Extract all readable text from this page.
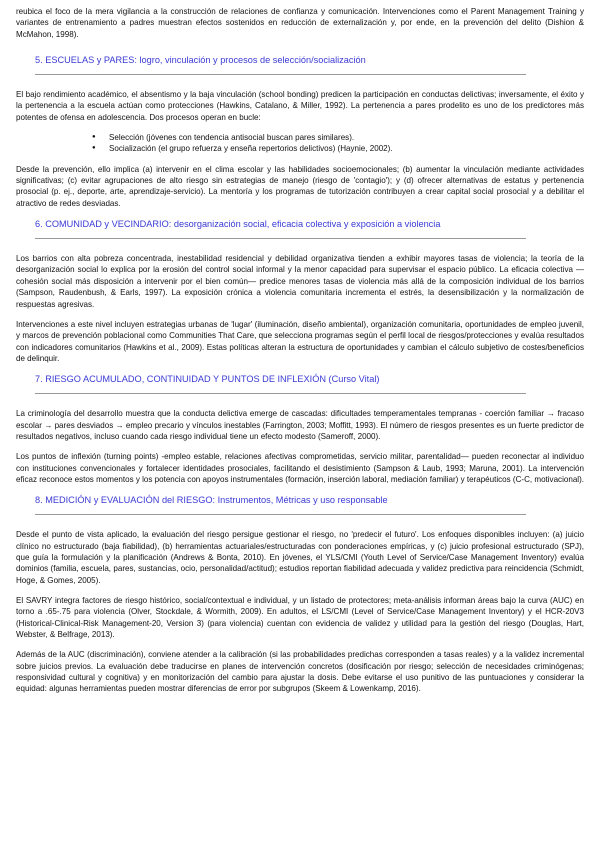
reubica el foco de la mera vigilancia a la construcción de relaciones de confianza y comunicación. Intervenciones como el Parent Management Training y variantes de entrenamiento a padres muestran efectos sostenidos en reducción de externalización y, por ende, en la prevención del delito (Dishion & McMahon, 1998).

5. ESCUELAS y PARES: logro, vinculación y procesos de selección/socialización

El bajo rendimiento académico, el absentismo y la baja vinculación (school bonding) predicen la participación en conductas delictivas; inversamente, el éxito y la pertenencia a la escuela actúan como protecciones (Hawkins, Catalano, & Miller, 1992). La pertenencia a pares prodelito es uno de los predictores más potentes de ofensa en adolescencia. Dos procesos operan en bucle:

● Selección (jóvenes con tendencia antisocial buscan pares similares).
● Socialización (el grupo refuerza y enseña repertorios delictivos) (Haynie, 2002).

Desde la prevención, ello implica (a) intervenir en el clima escolar y las habilidades socioemocionales; (b) aumentar la vinculación mediante actividades significativas; (c) evitar agrupaciones de alto riesgo sin estrategias de manejo (riesgo de 'contagio'); y (d) ofrecer alternativas de estatus y pertenencia prosocial (p. ej., deporte, arte, aprendizaje-servicio). La mentoría y los programas de tutorización contribuyen a crear capital social prosocial y a debilitar el atractivo de redes desviadas.

6. COMUNIDAD y VECINDARIO: desorganización social, eficacia colectiva y exposición a violencia

Los barrios con alta pobreza concentrada, inestabilidad residencial y debilidad organizativa tienden a exhibir mayores tasas de violencia; la teoría de la desorganización social lo explica por la erosión del control social informal y la menor capacidad para supervisar el espacio público. La eficacia colectiva —cohesión social más disposición a intervenir por el bien común— predice menores tasas de violencia más allá de la composición individual de los barrios (Sampson, Raudenbush, & Earls, 1997). La exposición crónica a violencia comunitaria incrementa el estrés, la desensibilización y la normalización de respuestas agresivas.

Intervenciones a este nivel incluyen estrategias urbanas de 'lugar' (iluminación, diseño ambiental), organización comunitaria, oportunidades de empleo juvenil, y marcos de prevención poblacional como Communities That Care, que selecciona programas según el perfil local de riesgos/protecciones y evalúa resultados con indicadores comunitarios (Hawkins et al., 2009). Estas políticas alteran la estructura de oportunidades y cambian el cálculo subjetivo de costes/beneficios de delinquir.

7. RIESGO ACUMULADO, CONTINUIDAD Y PUNTOS DE INFLEXIÓN (Curso Vital)

La criminología del desarrollo muestra que la conducta delictiva emerge de cascadas: dificultades temperamentales tempranas - coerción familiar → fracaso escolar → pares desviados → empleo precario y vínculos inestables (Farrington, 2003; Moffitt, 1993). El número de riesgos presentes es un fuerte predictor de resultados negativos, incluso cuando cada riesgo individual tiene un efecto modesto (Sameroff, 2000).

Los puntos de inflexión (turning points) -empleo estable, relaciones afectivas comprometidas, servicio militar, parentalidad— pueden reconectar al individuo con instituciones convencionales y fortalecer identidades prosociales, facilitando el desistimiento (Sampson & Laub, 1993; Maruna, 2001). La intervención eficaz reconoce estos momentos y los potencia con apoyos instrumentales (formación, inserción laboral, mediación familiar) y terapéuticos (C-C, motivacional).

8. MEDICIÓN y EVALUACIÓN del RIESGO: Instrumentos, Métricas y uso responsable

Desde el punto de vista aplicado, la evaluación del riesgo persigue gestionar el riesgo, no 'predecir el futuro'. Los enfoques disponibles incluyen: (a) juicio clínico no estructurado (baja fiabilidad), (b) herramientas actuariales/estructuradas con ponderaciones empíricas, y (c) juicio profesional estructurado (SPJ), que guía la formulación y la planificación (Andrews & Bonta, 2010). En jóvenes, el YLS/CMI (Youth Level of Service/Case Management Inventory) evalúa dominios (familia, escuela, pares, sustancias, ocio, personalidad/actitud); estudios reportan fiabilidad adecuada y validez predictiva para reincidencia (Schmidt, Hoge, & Gomes, 2005).

El SAVRY integra factores de riesgo histórico, social/contextual e individual, y un listado de protectores; meta-análisis informan áreas bajo la curva (AUC) en torno a .65-.75 para violencia (Olver, Stockdale, & Wormith, 2009). En adultos, el LS/CMI (Level of Service/Case Management Inventory) y el HCR-20V3 (Historical-Clinical-Risk Management-20, Version 3) (para violencia) cuentan con evidencia de validez y utilidad para la gestión del riesgo (Douglas, Hart, Webster, & Belfrage, 2013).

Además de la AUC (discriminación), conviene atender a la calibración (si las probabilidades predichas corresponden a tasas reales) y a la validez incremental sobre juicios previos. La evaluación debe traducirse en planes de intervención concretos (dosificación por riesgo; selección de necesidades criminógenas; responsividad cultural y cognitiva) y en monitorización del cambio para ajustar la dosis. Debe evitarse el uso punitivo de las puntuaciones y considerar la equidad: algunas herramientas pueden mostrar diferencias de error por subgrupos (Skeem & Lowenkamp, 2016).
